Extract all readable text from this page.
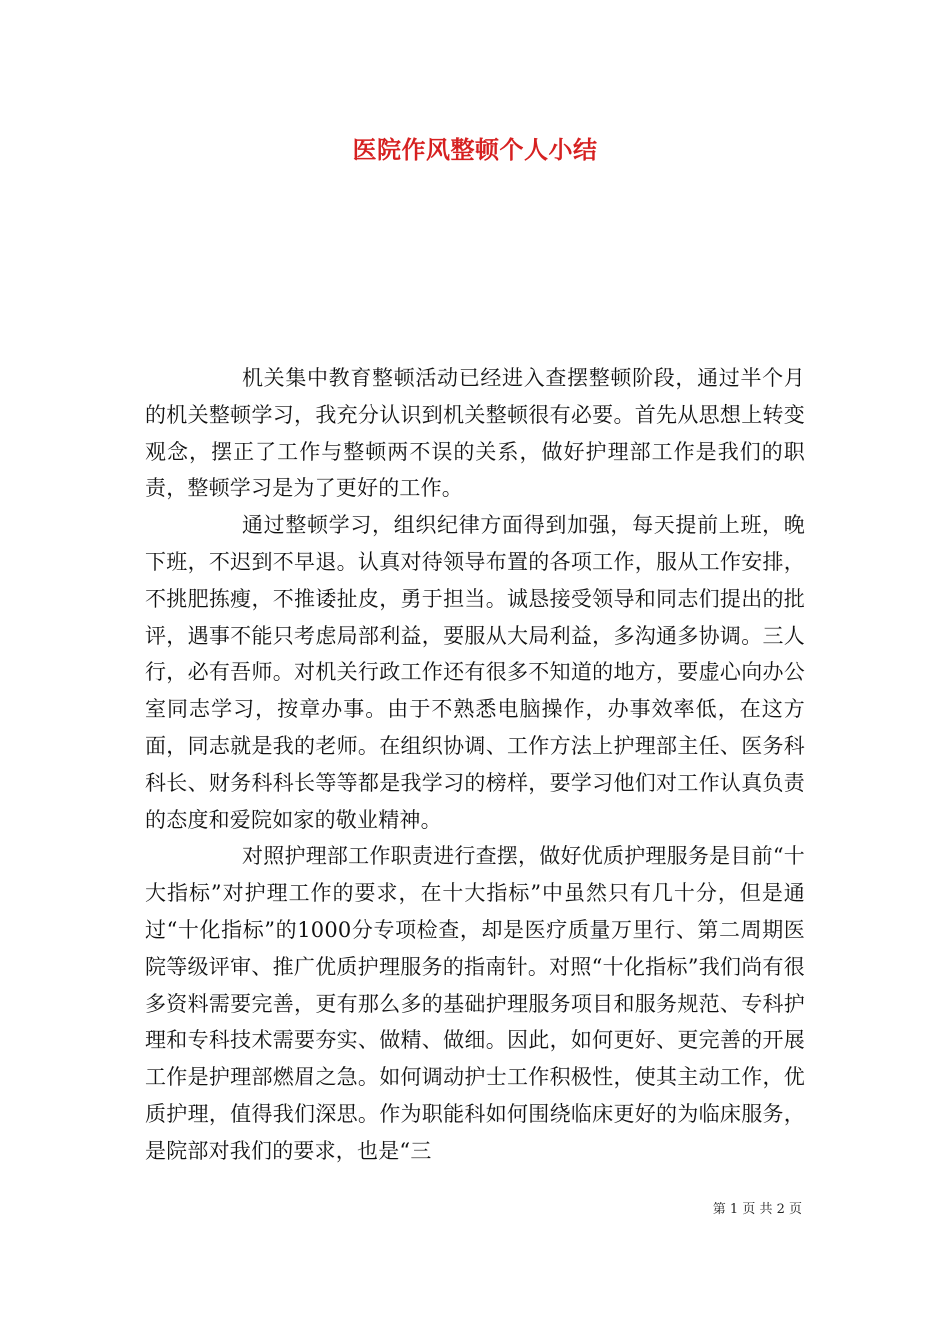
医院作风整顿个人小结

机关集中教育整顿活动已经进入查摆整顿阶段，通过半个月的机关整顿学习，我充分认识到机关整顿很有必要。首先从思想上转变观念，摆正了工作与整顿两不误的关系，做好护理部工作是我们的职责，整顿学习是为了更好的工作。

通过整顿学习，组织纪律方面得到加强，每天提前上班，晚下班，不迟到不早退。认真对待领导布置的各项工作，服从工作安排，不挑肥拣瘦，不推诿扯皮，勇于担当。诚恳接受领导和同志们提出的批评，遇事不能只考虑局部利益，要服从大局利益，多沟通多协调。三人行，必有吾师。对机关行政工作还有很多不知道的地方，要虚心向办公室同志学习，按章办事。由于不熟悉电脑操作，办事效率低，在这方面，同志就是我的老师。在组织协调、工作方法上护理部主任、医务科科长、财务科科长等等都是我学习的榜样，要学习他们对工作认真负责的态度和爱院如家的敬业精神。

对照护理部工作职责进行查摆，做好优质护理服务是目前“十大指标”对护理工作的要求，在十大指标”中虽然只有几十分，但是通过“十化指标”的1000分专项检查，却是医疗质量万里行、第二周期医院等级评审、推广优质护理服务的指南针。对照“十化指标”我们尚有很多资料需要完善，更有那么多的基础护理服务项目和服务规范、专科护理和专科技术需要夯实、做精、做细。因此，如何更好、更完善的开展工作是护理部燃眉之急。如何调动护士工作积极性，使其主动工作，优质护理，值得我们深思。作为职能科如何围绕临床更好的为临床服务，是院部对我们的要求，也是“三

第 1 页 共 2 页
